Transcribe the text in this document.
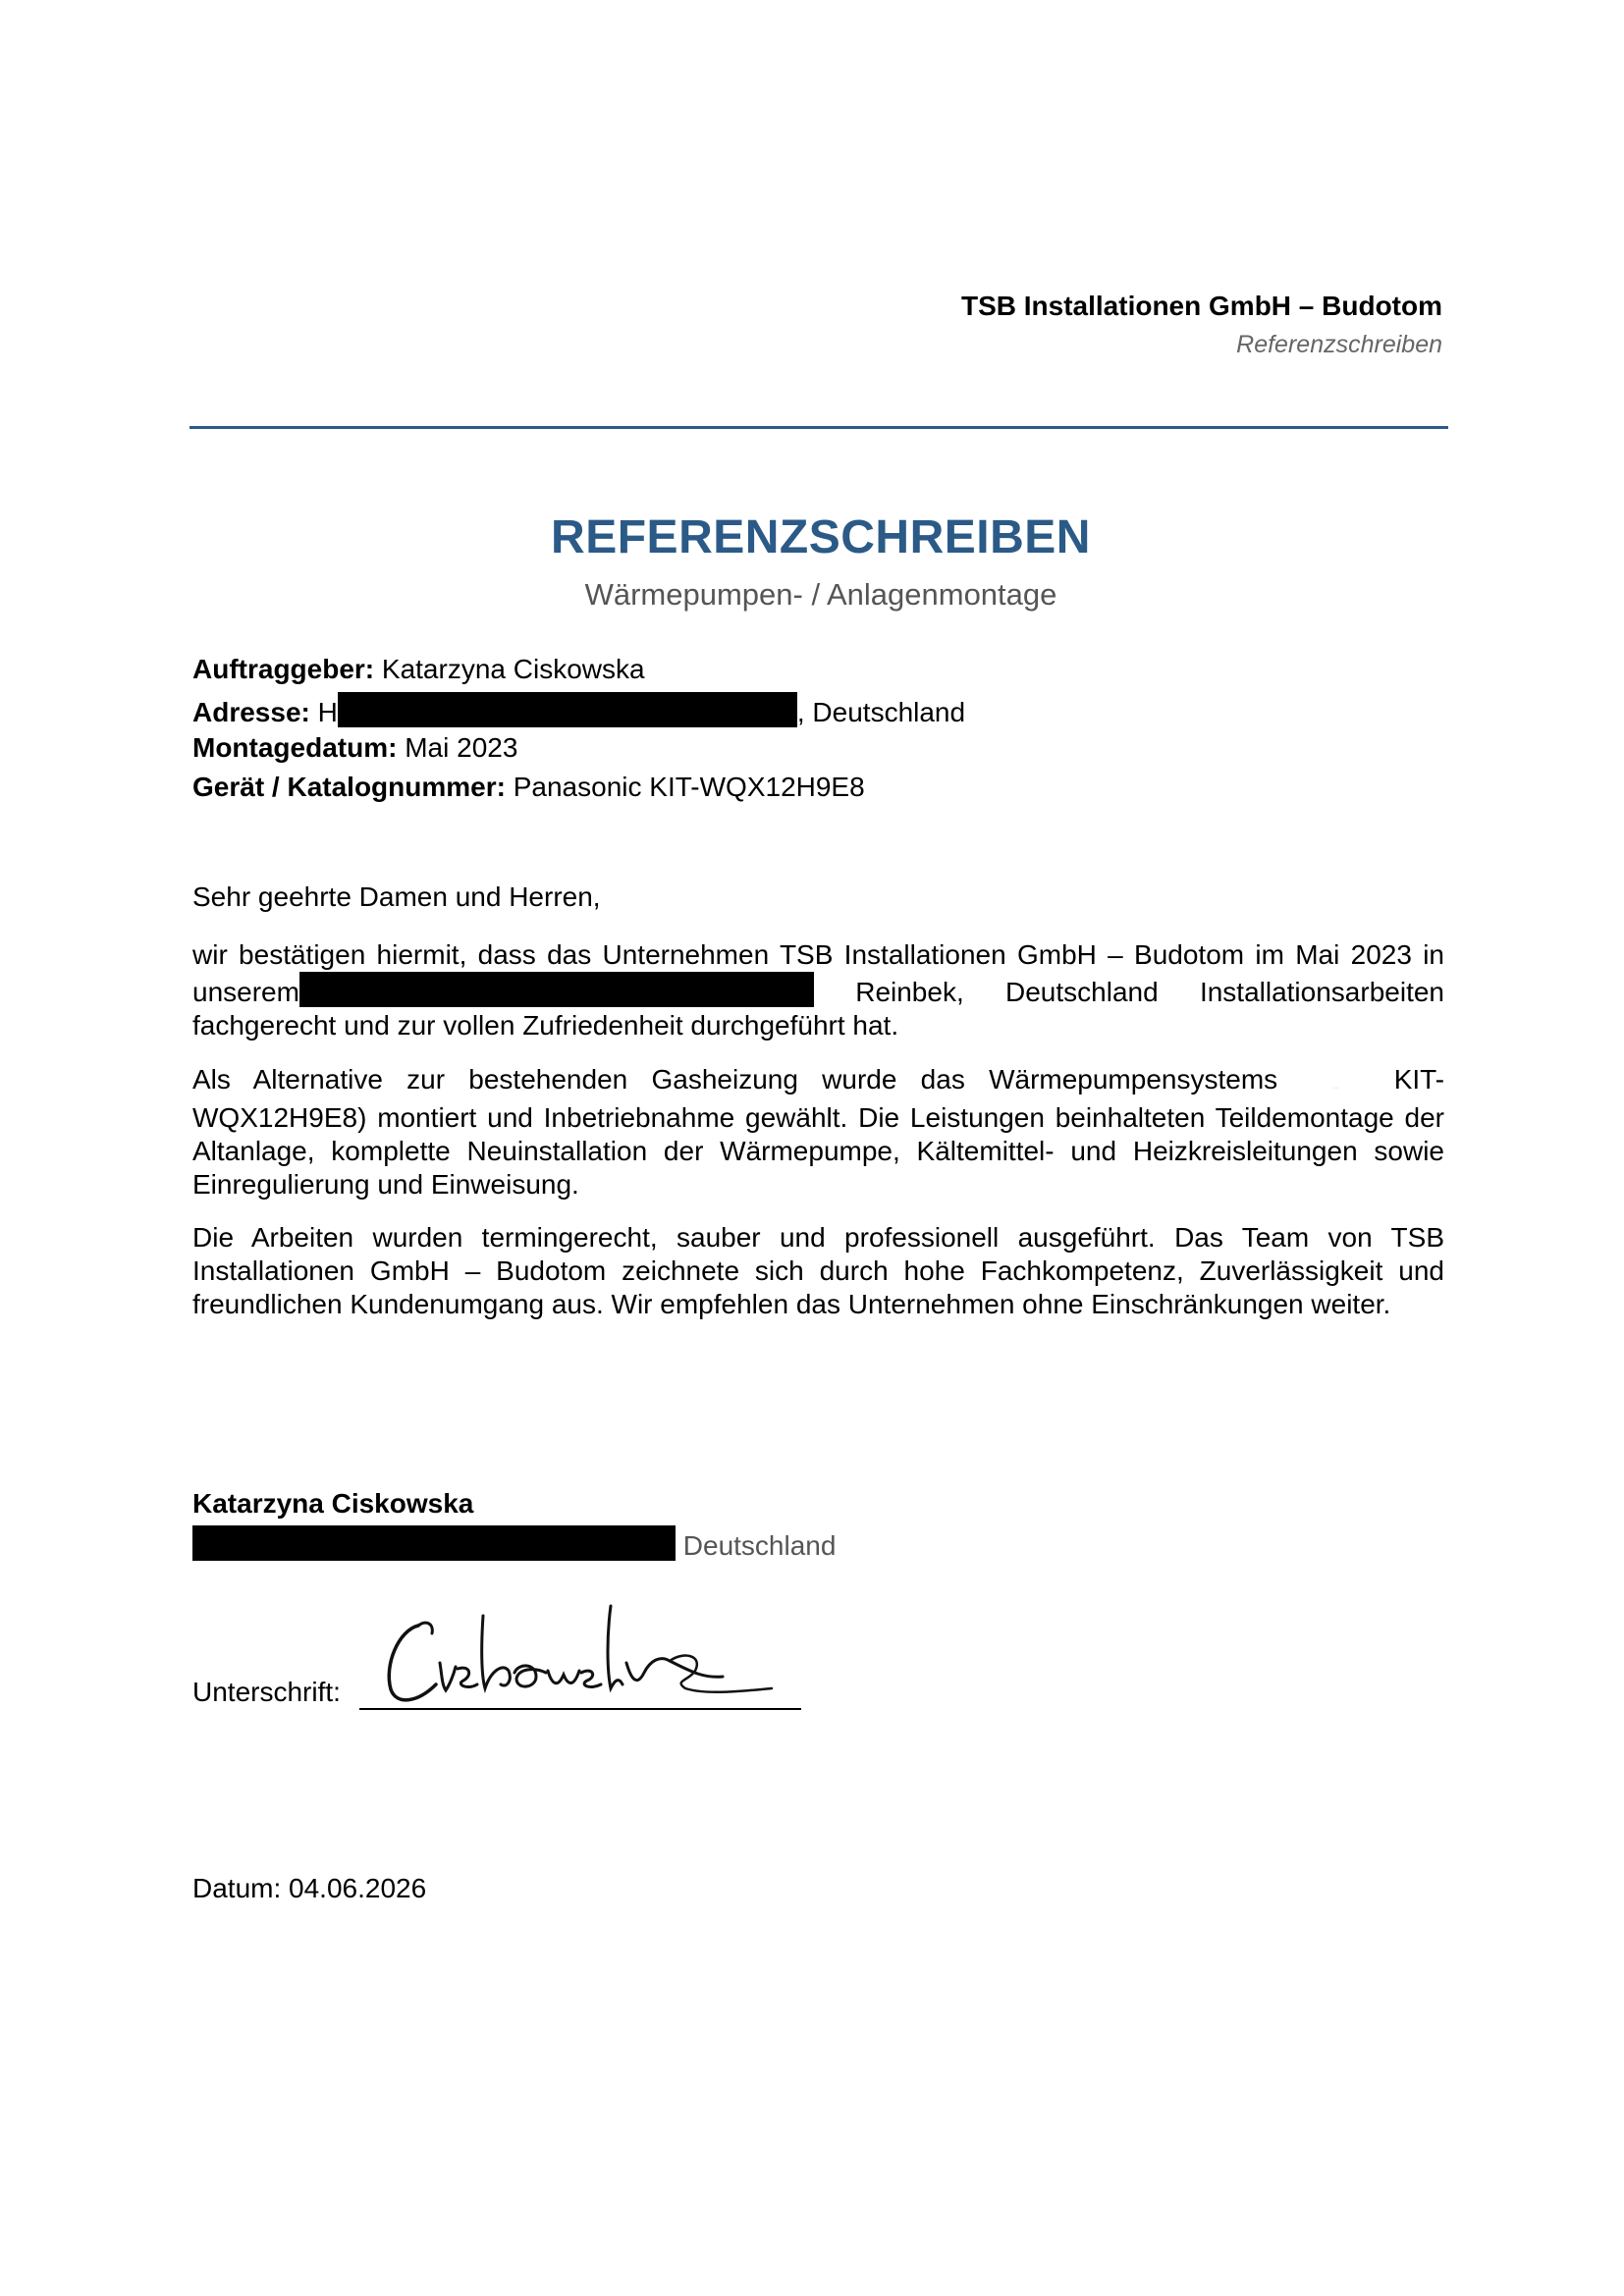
TSB Installationen GmbH – Budotom
Referenzschreiben
REFERENZSCHREIBEN
Wärmepumpen- / Anlagenmontage
Auftraggeber: Katarzyna Ciskowska
Adresse: H	, Deutschland
Montagedatum: Mai 2023
Gerät / Katalognummer: Panasonic KIT-WQX12H9E8
Sehr geehrte Damen und Herren,
wir bestätigen hiermit, dass das Unternehmen TSB Installationen GmbH – Budotom im Mai 2023 in unserem	Reinbek, Deutschland Installationsarbeiten fachgerecht und zur vollen Zufriedenheit durchgeführt hat.
Als Alternative zur bestehenden Gasheizung wurde das Wärmepumpensystems	.. KIT-WQX12H9E8) montiert und Inbetriebnahme gewählt. Die Leistungen beinhalteten Teildemontage der Altanlage, komplette Neuinstallation der Wärmepumpe, Kältemittel- und Heizkreisleitungen sowie Einregulierung und Einweisung.
Die Arbeiten wurden termingerecht, sauber und professionell ausgeführt. Das Team von TSB Installationen GmbH – Budotom zeichnete sich durch hohe Fachkompetenz, Zuverlässigkeit und freundlichen Kundenumgang aus. Wir empfehlen das Unternehmen ohne Einschränkungen weiter.
Katarzyna Ciskowska
Deutschland
Unterschrift:
Datum: 04.06.2026
